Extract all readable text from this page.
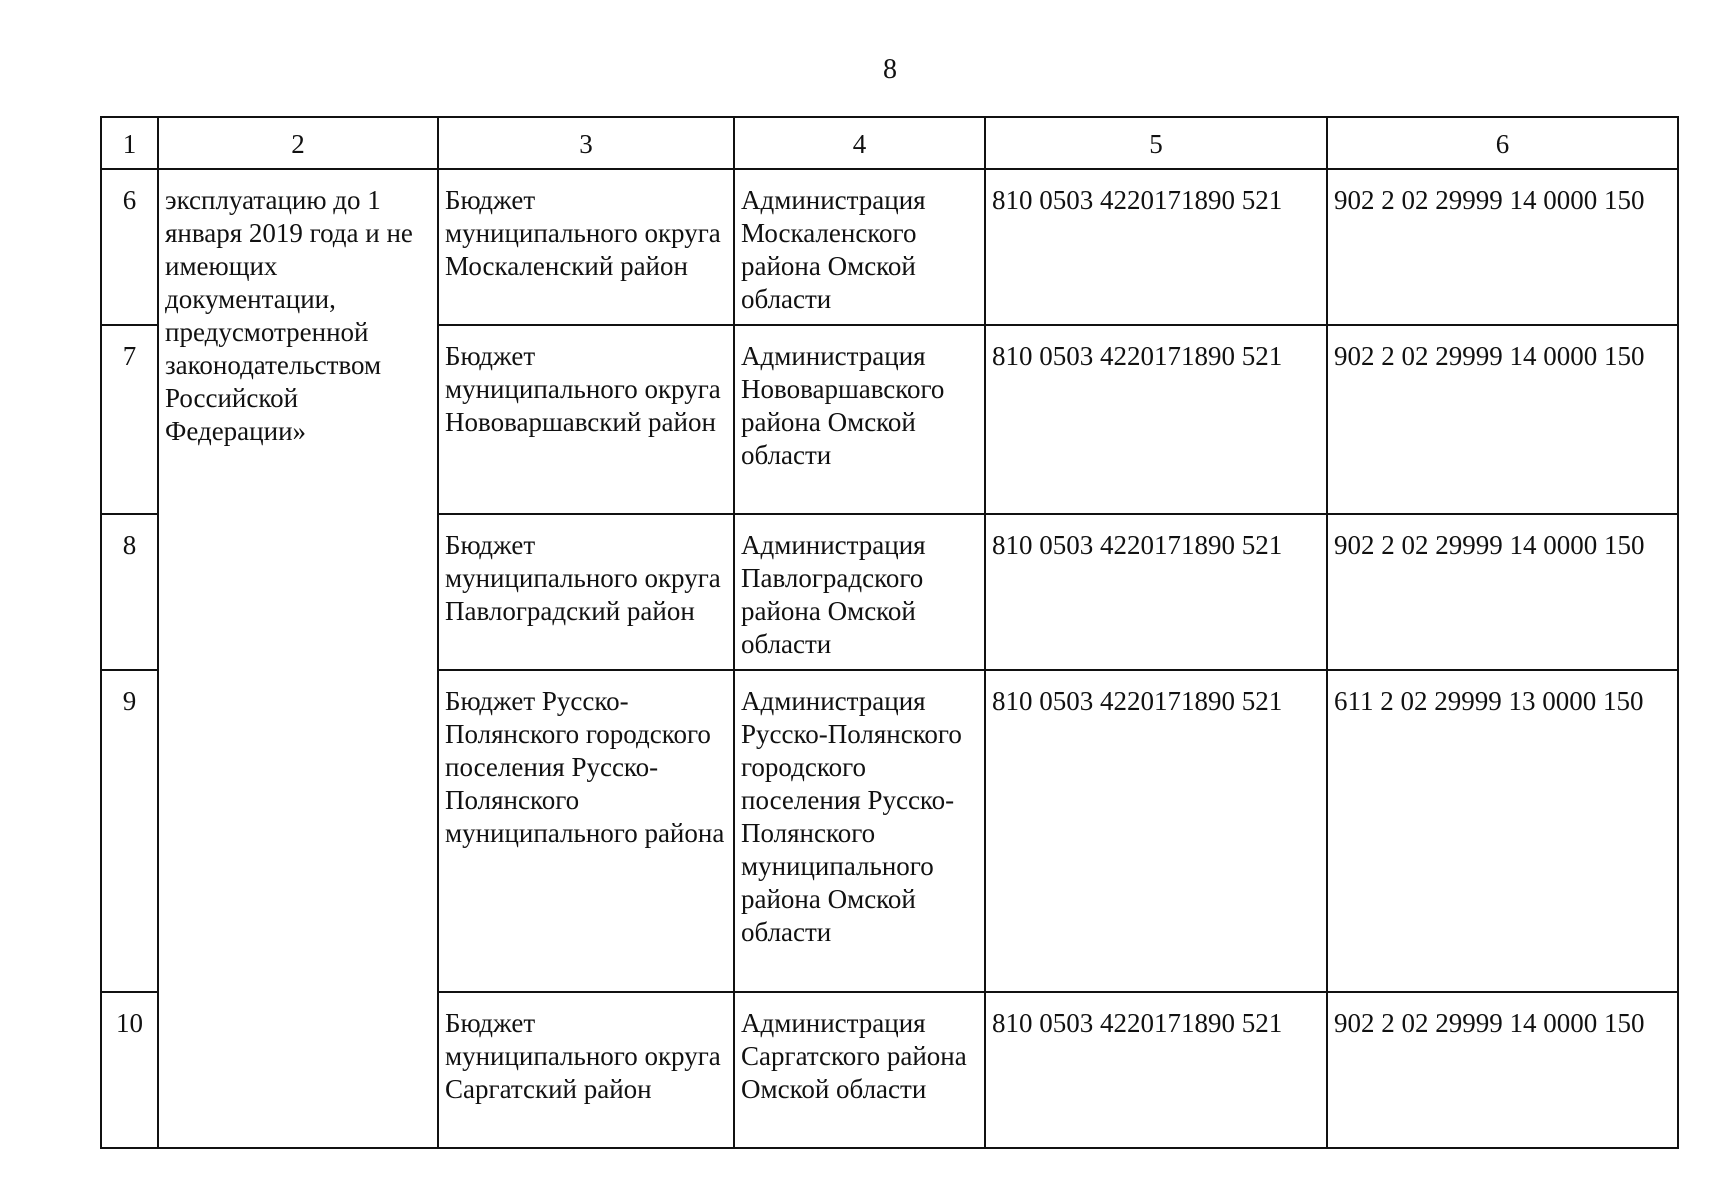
8
1	2	3	4	5	6
6	эксплуатацию до 1 января 2019 года и не имеющих документации, предусмотренной законодательством Российской Федерации»	Бюджет муниципального округа Москаленский район	Администрация Москаленского района Омской области	810 0503 4220171890 521	902 2 02 29999 14 0000 150
7		Бюджет муниципального округа Нововаршавский район	Администрация Нововаршавского района Омской области	810 0503 4220171890 521	902 2 02 29999 14 0000 150
8		Бюджет муниципального округа Павлоградский район	Администрация Павлоградского района Омской области	810 0503 4220171890 521	902 2 02 29999 14 0000 150
9		Бюджет Русско-Полянского городского поселения Русско-Полянского муниципального района	Администрация Русско-Полянского городского поселения Русско-Полянского муниципального района Омской области	810 0503 4220171890 521	611 2 02 29999 13 0000 150
10		Бюджет муниципального округа Саргатский район	Администрация Саргатского района Омской области	810 0503 4220171890 521	902 2 02 29999 14 0000 150
